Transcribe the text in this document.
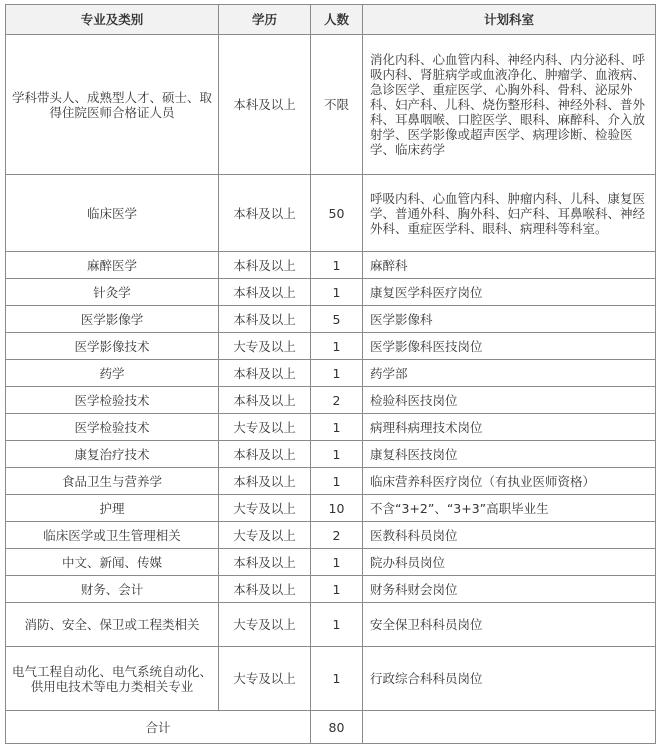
专业及类别	学历	人数	计划科室
学科带头人、成熟型人才、硕士、取得住院医师合格证人员	本科及以上	不限	消化内科、心血管内科、神经内科、内分泌科、呼吸内科、肾脏病学或血液净化、肿瘤学、血液病、急诊医学、重症医学、心胸外科、骨科、泌尿外科、妇产科、儿科、烧伤整形科、神经外科、普外科、耳鼻咽喉、口腔医学、眼科、麻醉科、介入放射学、医学影像或超声医学、病理诊断、检验医学、临床药学
临床医学	本科及以上	50	呼吸内科、心血管内科、肿瘤内科、儿科、康复医学、普通外科、胸外科、妇产科、耳鼻喉科、神经外科、重症医学科、眼科、病理科等科室。
麻醉医学	本科及以上	1	麻醉科
针灸学	本科及以上	1	康复医学科医疗岗位
医学影像学	本科及以上	5	医学影像科
医学影像技术	大专及以上	1	医学影像科医技岗位
药学	本科及以上	1	药学部
医学检验技术	本科及以上	2	检验科医技岗位
医学检验技术	大专及以上	1	病理科病理技术岗位
康复治疗技术	本科及以上	1	康复科医技岗位
食品卫生与营养学	本科及以上	1	临床营养科医疗岗位（有执业医师资格）
护理	大专及以上	10	不含“3+2”、“3+3”高职毕业生
临床医学或卫生管理相关	大专及以上	2	医教科科员岗位
中文、新闻、传媒	本科及以上	1	院办科员岗位
财务、会计	本科及以上	1	财务科财会岗位
消防、安全、保卫或工程类相关	大专及以上	1	安全保卫科科员岗位
电气工程自动化、电气系统自动化、供用电技术等电力类相关专业	大专及以上	1	行政综合科科员岗位
合计		80	
